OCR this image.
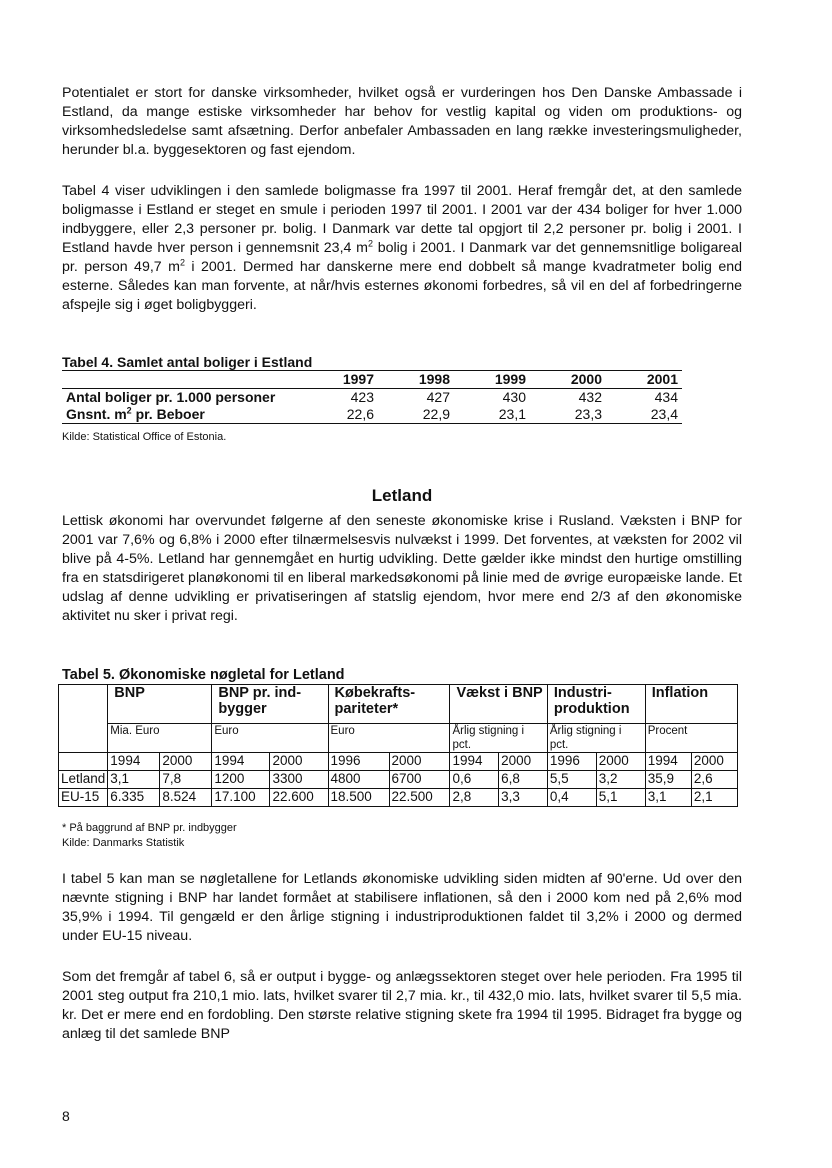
Potentialet er stort for danske virksomheder, hvilket også er vurderingen hos Den Danske Ambassade i Estland, da mange estiske virksomheder har behov for vestlig kapital og viden om produktions- og virksomhedsledelse samt afsætning. Derfor anbefaler Ambassaden en lang række investeringsmuligheder, herunder bl.a. byggesektoren og fast ejendom.

Tabel 4 viser udviklingen i den samlede boligmasse fra 1997 til 2001. Heraf fremgår det, at den samlede boligmasse i Estland er steget en smule i perioden 1997 til 2001. I 2001 var der 434 boliger for hver 1.000 indbyggere, eller 2,3 personer pr. bolig. I Danmark var dette tal opgjort til 2,2 personer pr. bolig i 2001. I Estland havde hver person i gennemsnit 23,4 $m^2$ bolig i 2001. I Danmark var det gennemsnitlige boligareal pr. person 49,7 $m^2$ i 2001. Dermed har danskerne mere end dobbelt så mange kvadratmeter bolig end esterne. Således kan man forvente, at når/hvis esternes økonomi forbedres, så vil en del af forbedringerne afspejle sig i øget boligbyggeri.

Tabel 4. Samlet antal boliger i Estland
	1997	1998	1999	2000	2001
Antal boliger pr. 1.000 personer	423	427	430	432	434
Gnsnt. $m^2$ pr. Beboer	22,6	22,9	23,1	23,3	23,4
Kilde: Statistical Office of Estonia.
Letland

Lettisk økonomi har overvundet følgerne af den seneste økonomiske krise i Rusland. Væksten i BNP for 2001 var 7,6% og 6,8% i 2000 efter tilnærmelsesvis nulvækst i 1999. Det forventes, at væksten for 2002 vil blive på 4-5%. Letland har gennemgået en hurtig udvikling. Dette gælder ikke mindst den hurtige omstilling fra en statsdirigeret planøkonomi til en liberal markedsøkonomi på linie med de øvrige europæiske lande. Et udslag af denne udvikling er privatiseringen af statslig ejendom, hvor mere end 2/3 af den økonomiske aktivitet nu sker i privat regi.

Tabel 5. Økonomiske nøgletal for Letland
	BNP		BNP pr. ind-bygger		Købekrafts-pariteter*		Vækst i BNP		Industri-produktion		Inflation	
	Mia. Euro		Euro		Euro		Årlig stigning i pct.		Årlig stigning i pct.		Procent	
	1994	2000	1994	2000	1996	2000	1994	2000	1996	2000	1994	2000
Letland	3,1	7,8	1200	3300	4800	6700	0,6	6,8	5,5	3,2	35,9	2,6
EU-15	6.335	8.524	17.100	22.600	18.500	22.500	2,8	3,3	0,4	5,1	3,1	2,1
* På baggrund af BNP pr. indbygger
Kilde: Danmarks Statistik

I tabel 5 kan man se nøgletallene for Letlands økonomiske udvikling siden midten af 90'erne. Ud over den nævnte stigning i BNP har landet formået at stabilisere inflationen, så den i 2000 kom ned på 2,6% mod 35,9% i 1994. Til gengæld er den årlige stigning i industriproduktionen faldet til 3,2% i 2000 og dermed under EU-15 niveau.

Som det fremgår af tabel 6, så er output i bygge- og anlægssektoren steget over hele perioden. Fra 1995 til 2001 steg output fra 210,1 mio. lats, hvilket svarer til 2,7 mia. kr., til 432,0 mio. lats, hvilket svarer til 5,5 mia. kr. Det er mere end en fordobling. Den største relative stigning skete fra 1994 til 1995. Bidraget fra bygge og anlæg til det samlede BNP

8
